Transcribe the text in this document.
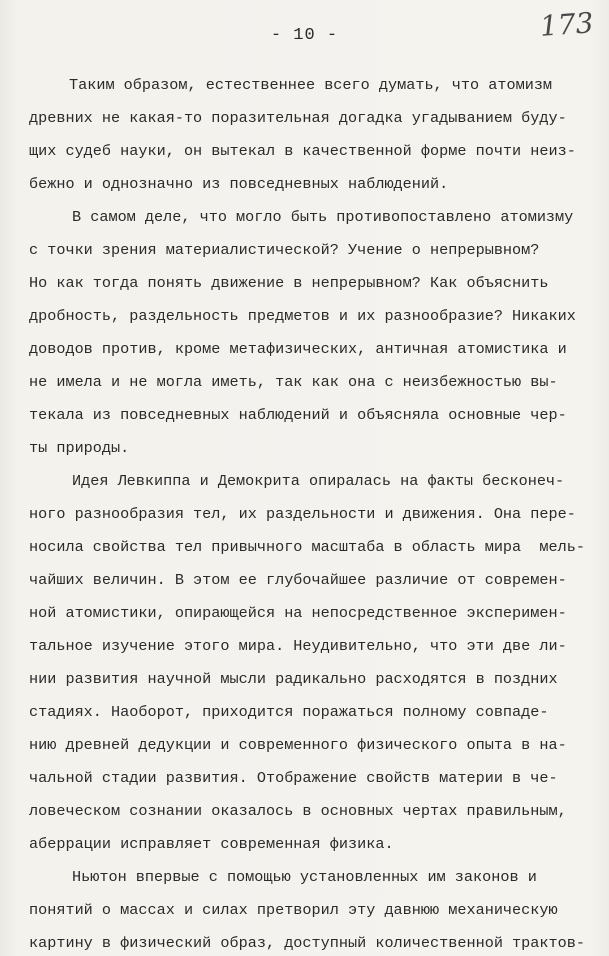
- 10 -	173
Таким образом, естественнее всего думать, что атомизм
древних не какая-то поразительная догадка угадыванием буду-
щих судеб науки, он вытекал в качественной форме почти неиз-
бежно и однозначно из повседневных наблюдений.
В самом деле, что могло быть противопоставлено атомизму
с точки зрения материалистической? Учение о непрерывном?
Но как тогда понять движение в непрерывном? Как объяснить
дробность, раздельность предметов и их разнообразие? Никаких
доводов против, кроме метафизических, античная атомистика и
не имела и не могла иметь, так как она с неизбежностью вы-
текала из повседневных наблюдений и объясняла основные чер-
ты природы.
Идея Левкиппа и Демокрита опиралась на факты бесконеч-
ного разнообразия тел, их раздельности и движения. Она пере-
носила свойства тел привычного масштаба в область мира  мель-
чайших величин. В этом ее глубочайшее различие от современ-
ной атомистики, опирающейся на непосредственное эксперимен-
тальное изучение этого мира. Неудивительно, что эти две ли-
нии развития научной мысли радикально расходятся в поздних
стадиях. Наоборот, приходится поражаться полному совпаде-
нию древней дедукции и современного физического опыта в на-
чальной стадии развития. Отображение свойств материи в че-
ловеческом сознании оказалось в основных чертах правильным,
аберрации исправляет современная физика.
Ньютон впервые с помощью установленных им законов и
понятий о массах и силах претворил эту давнюю механическую
картину в физический образ, доступный количественной трактов-
